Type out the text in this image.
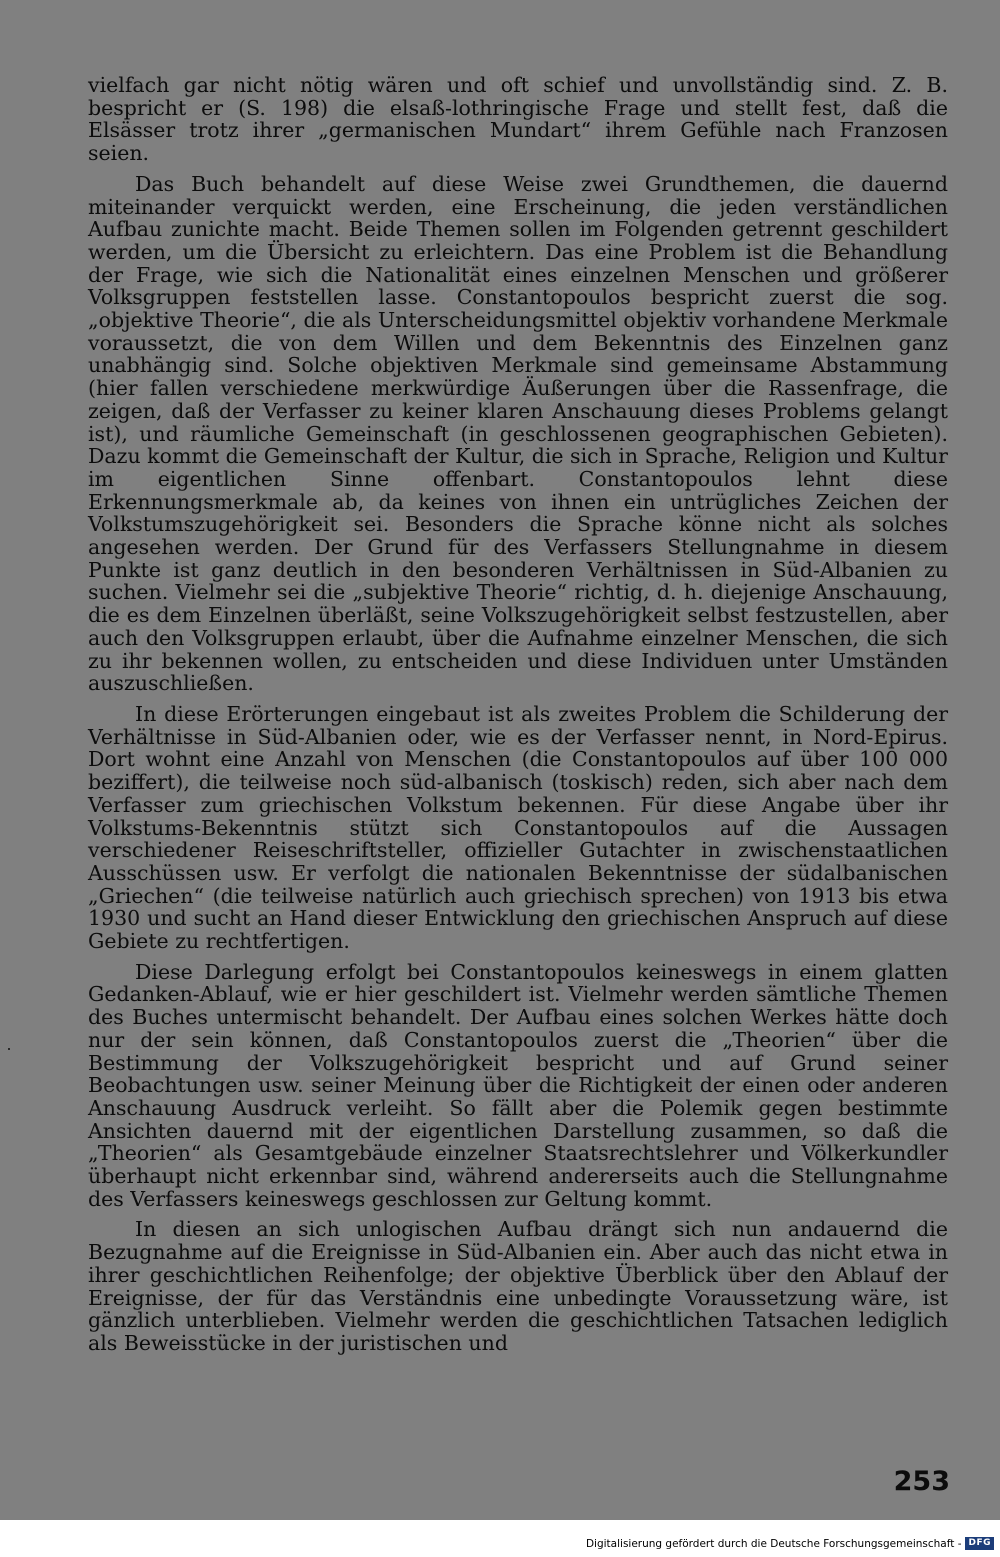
vielfach gar nicht nötig wären und oft schief und unvollständig sind. Z. B. bespricht er (S. 198) die elsaß-lothringische Frage und stellt fest, daß die Elsässer trotz ihrer „germanischen Mundart“ ihrem Gefühle nach Franzosen seien.

Das Buch behandelt auf diese Weise zwei Grundthemen, die dauernd miteinander verquickt werden, eine Erscheinung, die jeden verständlichen Aufbau zunichte macht. Beide Themen sollen im Folgenden getrennt geschildert werden, um die Übersicht zu erleichtern. Das eine Problem ist die Behandlung der Frage, wie sich die Nationalität eines einzelnen Menschen und größerer Volksgruppen feststellen lasse. Constantopoulos bespricht zuerst die sog. „objektive Theorie“, die als Unterscheidungsmittel objektiv vorhandene Merkmale voraussetzt, die von dem Willen und dem Bekenntnis des Einzelnen ganz unabhängig sind. Solche objektiven Merkmale sind gemeinsame Abstammung (hier fallen verschiedene merkwürdige Äußerungen über die Rassenfrage, die zeigen, daß der Verfasser zu keiner klaren Anschauung dieses Problems gelangt ist), und räumliche Gemeinschaft (in geschlossenen geographischen Gebieten). Dazu kommt die Gemeinschaft der Kultur, die sich in Sprache, Religion und Kultur im eigentlichen Sinne offenbart. Constantopoulos lehnt diese Erkennungsmerkmale ab, da keines von ihnen ein untrügliches Zeichen der Volkstumszugehörigkeit sei. Besonders die Sprache könne nicht als solches angesehen werden. Der Grund für des Verfassers Stellungnahme in diesem Punkte ist ganz deutlich in den besonderen Verhältnissen in Süd-Albanien zu suchen. Vielmehr sei die „subjektive Theorie“ richtig, d. h. diejenige Anschauung, die es dem Einzelnen überläßt, seine Volkszugehörigkeit selbst festzustellen, aber auch den Volksgruppen erlaubt, über die Aufnahme einzelner Menschen, die sich zu ihr bekennen wollen, zu entscheiden und diese Individuen unter Umständen auszuschließen.

In diese Erörterungen eingebaut ist als zweites Problem die Schilderung der Verhältnisse in Süd-Albanien oder, wie es der Verfasser nennt, in Nord-Epirus. Dort wohnt eine Anzahl von Menschen (die Constantopoulos auf über 100 000 beziffert), die teilweise noch süd-albanisch (toskisch) reden, sich aber nach dem Verfasser zum griechischen Volkstum bekennen. Für diese Angabe über ihr Volkstums-Bekenntnis stützt sich Constantopoulos auf die Aussagen verschiedener Reiseschriftsteller, offizieller Gutachter in zwischenstaatlichen Ausschüssen usw. Er verfolgt die nationalen Bekenntnisse der südalbanischen „Griechen“ (die teilweise natürlich auch griechisch sprechen) von 1913 bis etwa 1930 und sucht an Hand dieser Entwicklung den griechischen Anspruch auf diese Gebiete zu rechtfertigen.

Diese Darlegung erfolgt bei Constantopoulos keineswegs in einem glatten Gedanken-Ablauf, wie er hier geschildert ist. Vielmehr werden sämtliche Themen des Buches untermischt behandelt. Der Aufbau eines solchen Werkes hätte doch nur der sein können, daß Constantopoulos zuerst die „Theorien“ über die Bestimmung der Volkszugehörigkeit bespricht und auf Grund seiner Beobachtungen usw. seiner Meinung über die Richtigkeit der einen oder anderen Anschauung Ausdruck verleiht. So fällt aber die Polemik gegen bestimmte Ansichten dauernd mit der eigentlichen Darstellung zusammen, so daß die „Theorien“ als Gesamtgebäude einzelner Staatsrechtslehrer und Völkerkundler überhaupt nicht erkennbar sind, während andererseits auch die Stellungnahme des Verfassers keineswegs geschlossen zur Geltung kommt.

In diesen an sich unlogischen Aufbau drängt sich nun andauernd die Bezugnahme auf die Ereignisse in Süd-Albanien ein. Aber auch das nicht etwa in ihrer geschichtlichen Reihenfolge; der objektive Überblick über den Ablauf der Ereignisse, der für das Verständnis eine unbedingte Voraussetzung wäre, ist gänzlich unterblieben. Vielmehr werden die geschichtlichen Tatsachen lediglich als Beweisstücke in der juristischen und

253
Digitalisierung gefördert durch die Deutsche Forschungsgemeinschaft - DFG
